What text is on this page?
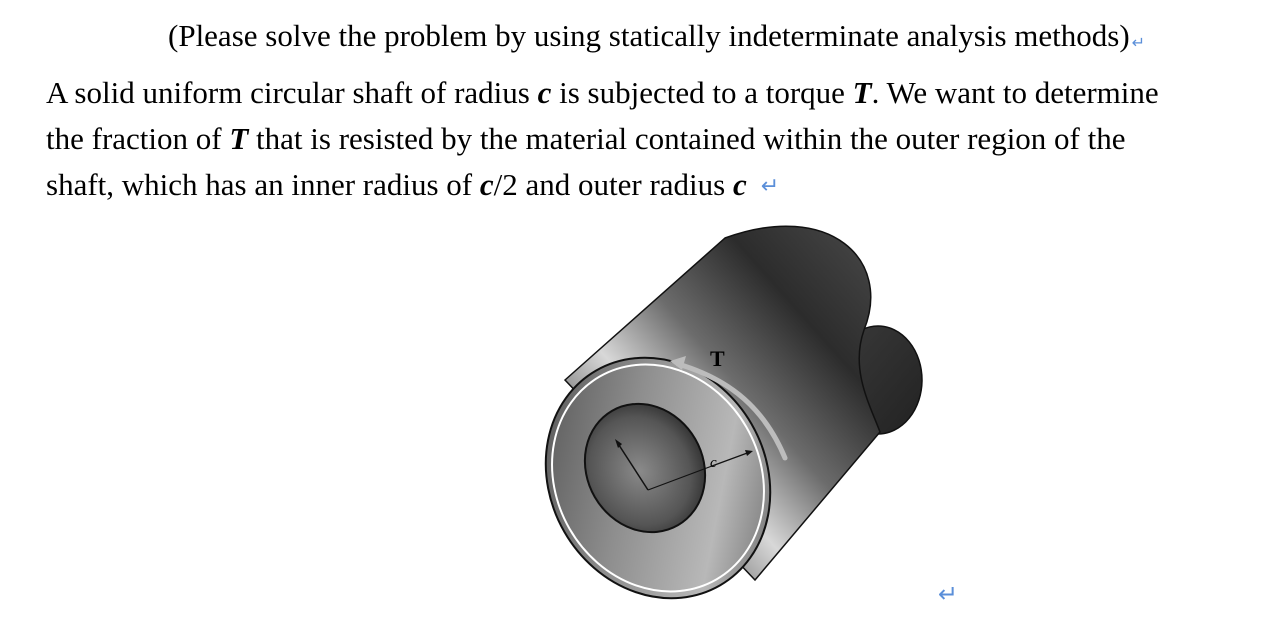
(Please solve the problem by using statically indeterminate analysis methods) ↵
A solid uniform circular shaft of radius c is subjected to a torque T. We want to determine
the fraction of T that is resisted by the material contained within the outer region of the
shaft, which has an inner radius of c/2 and outer radius c ↵
T
c
↵
